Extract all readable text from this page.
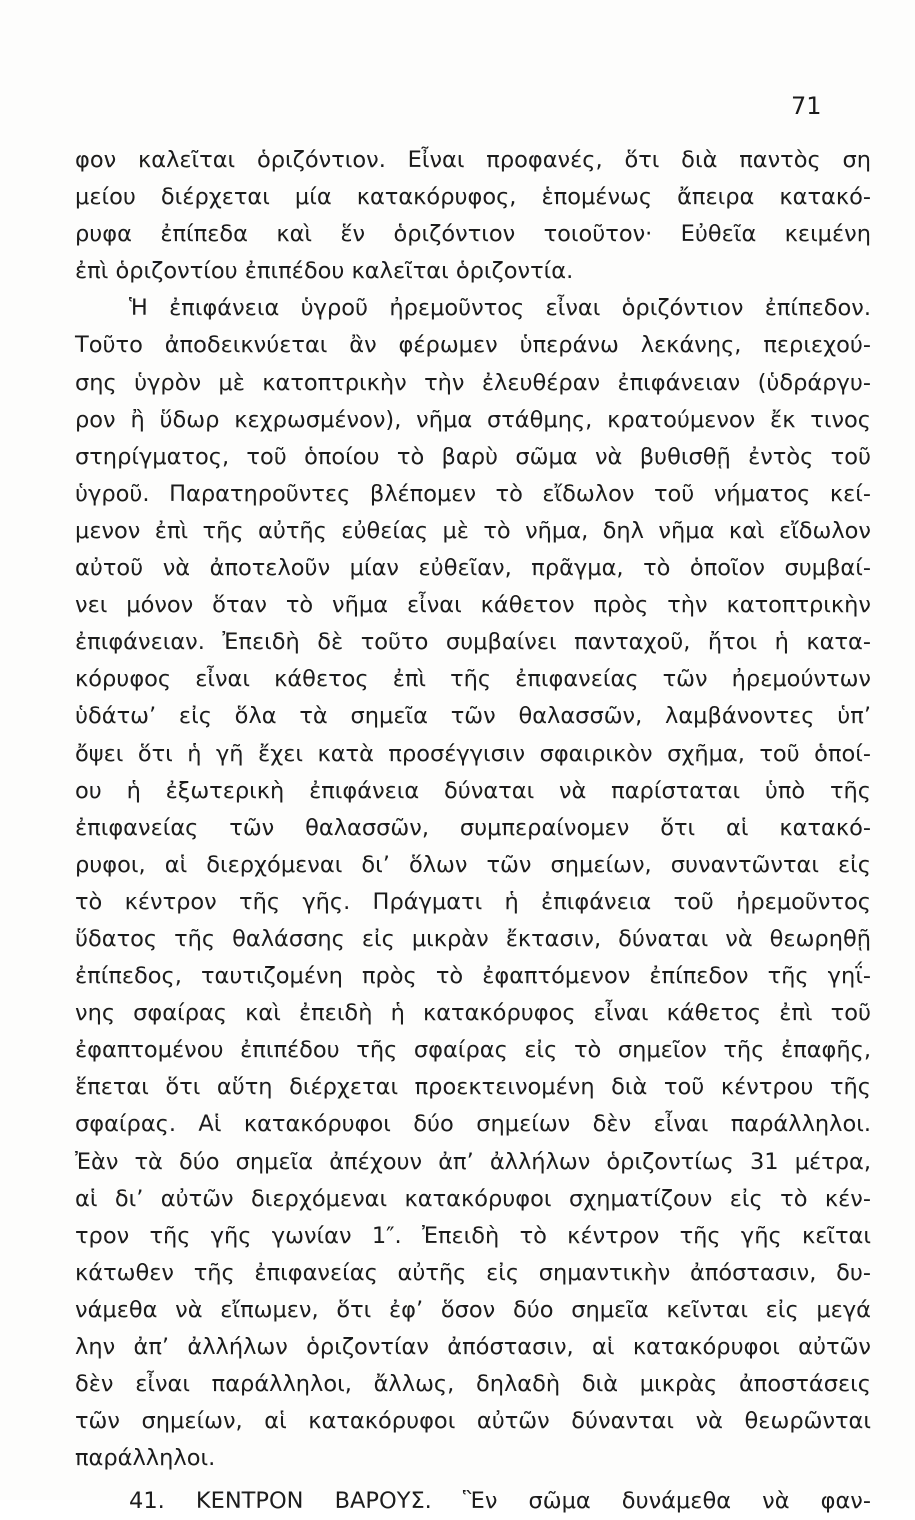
71
φον καλεῖται ὁριζόντιον. Εἶναι προφανές, ὅτι διὰ παντὸς ση
μείου διέρχεται μία κατακόρυφος, ἑπομένως ἄπειρα κατακό-
ρυφα ἐπίπεδα καὶ ἕν ὁριζόντιον τοιοῦτον· Εὐθεῖα κειμένη
ἐπὶ ὁριζοντίου ἐπιπέδου καλεῖται ὁριζοντία.
Ἡ ἐπιφάνεια ὑγροῦ ἠρεμοῦντος εἶναι ὁριζόντιον ἐπίπεδον.
Τοῦτο ἀποδεικνύεται ἂν φέρωμεν ὑπεράνω λεκάνης, περιεχού-
σης ὑγρὸν μὲ κατοπτρικὴν τὴν ἐλευθέραν ἐπιφάνειαν (ὑδράργυ-
ρον ἢ ὕδωρ κεχρωσμένον), νῆμα στάθμης, κρατούμενον ἔκ τινος
στηρίγματος, τοῦ ὁποίου τὸ βαρὺ σῶμα νὰ βυθισθῇ ἐντὸς τοῦ
ὑγροῦ. Παρατηροῦντες βλέπομεν τὸ εἴδωλον τοῦ νήματος κεί-
μενον ἐπὶ τῆς αὐτῆς εὐθείας μὲ τὸ νῆμα, δηλ νῆμα καὶ εἴδωλον
αὐτοῦ νὰ ἀποτελοῦν μίαν εὐθεῖαν, πρᾶγμα, τὸ ὁποῖον συμβαί-
νει μόνον ὅταν τὸ νῆμα εἶναι κάθετον πρὸς τὴν κατοπτρικὴν
ἐπιφάνειαν. Ἐπειδὴ δὲ τοῦτο συμβαίνει πανταχοῦ, ἤτοι ἡ κατα-
κόρυφος εἶναι κάθετος ἐπὶ τῆς ἐπιφανείας τῶν ἠρεμούντων
ὑδάτω’ εἰς ὅλα τὰ σημεῖα τῶν θαλασσῶν, λαμβάνοντες ὑπ’
ὄψει ὅτι ἡ γῆ ἔχει κατὰ προσέγγισιν σφαιρικὸν σχῆμα, τοῦ ὁποί-
ου ἡ ἐξωτερικὴ ἐπιφάνεια δύναται νὰ παρίσταται ὑπὸ τῆς
ἐπιφανείας τῶν θαλασσῶν, συμπεραίνομεν ὅτι αἱ κατακό-
ρυφοι, αἱ διερχόμεναι δι’ ὅλων τῶν σημείων, συναντῶνται εἰς
τὸ κέντρον τῆς γῆς. Πράγματι ἡ ἐπιφάνεια τοῦ ἠρεμοῦντος
ὕδατος τῆς θαλάσσης εἰς μικρὰν ἔκτασιν, δύναται νὰ θεωρηθῇ
ἐπίπεδος, ταυτιζομένη πρὸς τὸ ἐφαπτόμενον ἐπίπεδον τῆς γηΐ-
νης σφαίρας καὶ ἐπειδὴ ἡ κατακόρυφος εἶναι κάθετος ἐπὶ τοῦ
ἐφαπτομένου ἐπιπέδου τῆς σφαίρας εἰς τὸ σημεῖον τῆς ἐπαφῆς,
ἕπεται ὅτι αὕτη διέρχεται προεκτεινομένη διὰ τοῦ κέντρου τῆς
σφαίρας. Αἱ κατακόρυφοι δύο σημείων δὲν εἶναι παράλληλοι.
Ἐὰν τὰ δύο σημεῖα ἀπέχουν ἀπ’ ἀλλήλων ὁριζοντίως 31 μέτρα,
αἱ δι’ αὐτῶν διερχόμεναι κατακόρυφοι σχηματίζουν εἰς τὸ κέν-
τρον τῆς γῆς γωνίαν 1″. Ἐπειδὴ τὸ κέντρον τῆς γῆς κεῖται
κάτωθεν τῆς ἐπιφανείας αὐτῆς εἰς σημαντικὴν ἀπόστασιν, δυ-
νάμεθα νὰ εἴπωμεν, ὅτι ἐφ’ ὅσον δύο σημεῖα κεῖνται εἰς μεγά
λην ἀπ’ ἀλλήλων ὁριζοντίαν ἀπόστασιν, αἱ κατακόρυφοι αὐτῶν
δὲν εἶναι παράλληλοι, ἄλλως, δηλαδὴ διὰ μικρὰς ἀποστάσεις
τῶν σημείων, αἱ κατακόρυφοι αὐτῶν δύνανται νὰ θεωρῶνται
παράλληλοι.
41. ΚΕΝΤΡΟΝ ΒΑΡΟΥΣ. Ἓν σῶμα δυνάμεθα νὰ φαν-
